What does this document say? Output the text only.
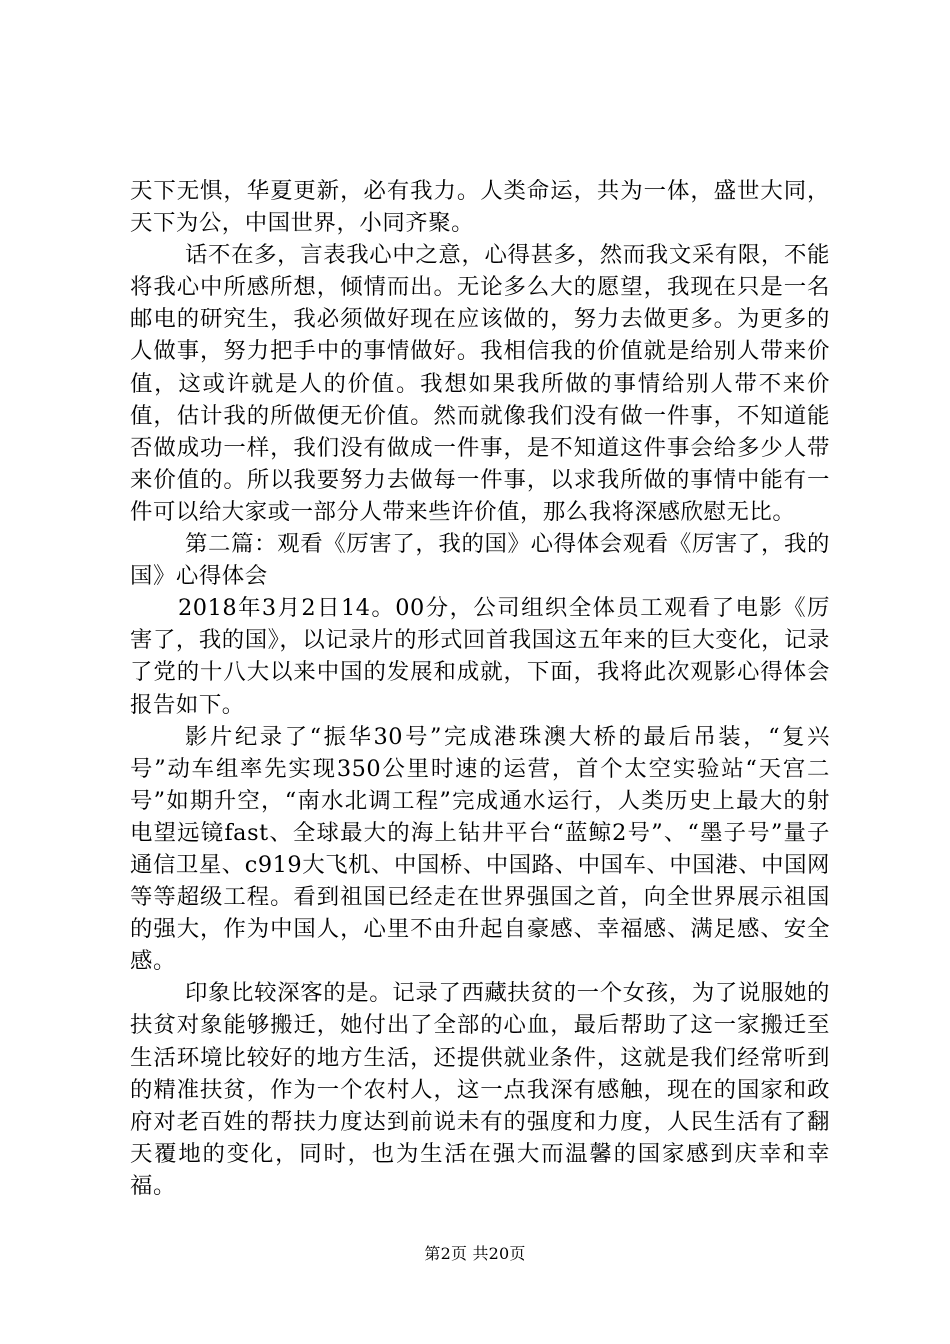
天下无惧，华夏更新，必有我力。人类命运，共为一体，盛世大同，天下为公，中国世界，小同齐聚。

话不在多，言表我心中之意，心得甚多，然而我文采有限，不能将我心中所感所想，倾情而出。无论多么大的愿望，我现在只是一名邮电的研究生，我必须做好现在应该做的，努力去做更多。为更多的人做事，努力把手中的事情做好。我相信我的价值就是给别人带来价值，这或许就是人的价值。我想如果我所做的事情给别人带不来价值，估计我的所做便无价值。然而就像我们没有做一件事，不知道能否做成功一样，我们没有做成一件事，是不知道这件事会给多少人带来价值的。所以我要努力去做每一件事，以求我所做的事情中能有一件可以给大家或一部分人带来些许价值，那么我将深感欣慰无比。

第二篇：观看《厉害了，我的国》心得体会观看《厉害了，我的国》心得体会

2018年3月2日14。00分，公司组织全体员工观看了电影《厉害了，我的国》，以记录片的形式回首我国这五年来的巨大变化，记录了党的十八大以来中国的发展和成就，下面，我将此次观影心得体会报告如下。

影片纪录了“振华30号”完成港珠澳大桥的最后吊装，“复兴号”动车组率先实现350公里时速的运营，首个太空实验站“天宫二号”如期升空，“南水北调工程”完成通水运行，人类历史上最大的射电望远镜fast、全球最大的海上钻井平台“蓝鲸2号”、“墨子号”量子通信卫星、c919大飞机、中国桥、中国路、中国车、中国港、中国网等等超级工程。看到祖国已经走在世界强国之首，向全世界展示祖国的强大，作为中国人，心里不由升起自豪感、幸福感、满足感、安全感。

印象比较深客的是。记录了西藏扶贫的一个女孩，为了说服她的扶贫对象能够搬迁，她付出了全部的心血，最后帮助了这一家搬迁至生活环境比较好的地方生活，还提供就业条件，这就是我们经常听到的精准扶贫，作为一个农村人，这一点我深有感触，现在的国家和政府对老百姓的帮扶力度达到前说未有的强度和力度，人民生活有了翻天覆地的变化，同时，也为生活在强大而温馨的国家感到庆幸和幸福。

第2页 共20页
